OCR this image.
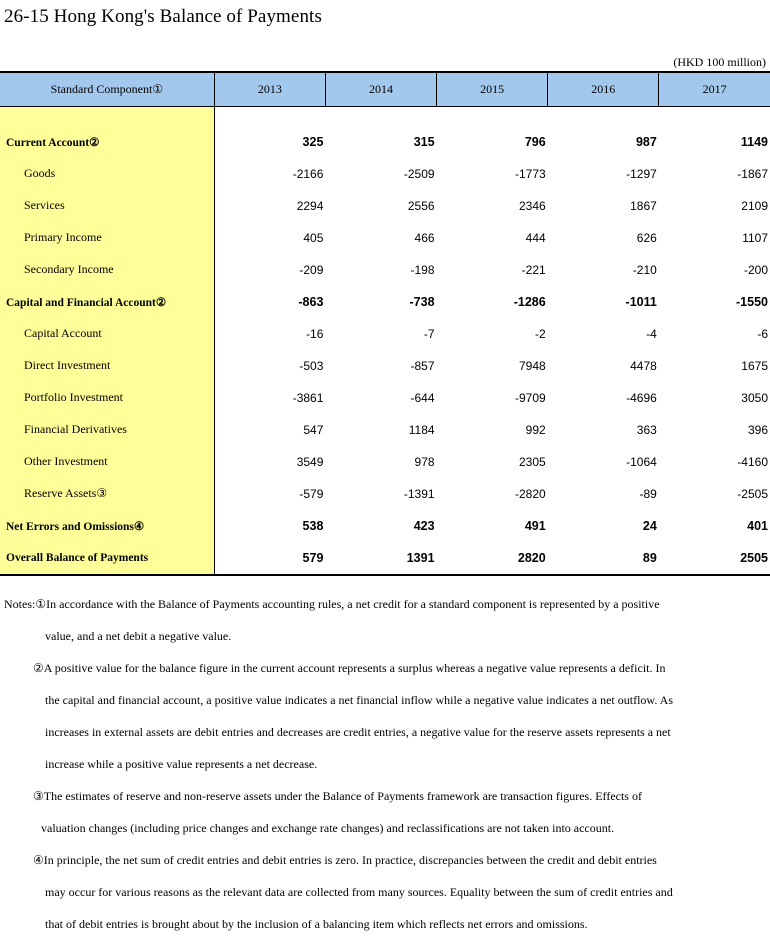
26-15 Hong Kong's Balance of Payments
(HKD 100 million)
Standard Component①	2013	2014	2015	2016	2017

Current Account②	325	315	796	987	1149
Goods	-2166	-2509	-1773	-1297	-1867
Services	2294	2556	2346	1867	2109
Primary Income	405	466	444	626	1107
Secondary Income	-209	-198	-221	-210	-200
Capital and Financial Account②	-863	-738	-1286	-1011	-1550
Capital Account	-16	-7	-2	-4	-6
Direct Investment	-503	-857	7948	4478	1675
Portfolio Investment	-3861	-644	-9709	-4696	3050
Financial Derivatives	547	1184	992	363	396
Other Investment	3549	978	2305	-1064	-4160
Reserve Assets③	-579	-1391	-2820	-89	-2505
Net Errors and Omissions④	538	423	491	24	401
Overall Balance of Payments	579	1391	2820	89	2505
Notes:①In accordance with the Balance of Payments accounting rules, a net credit for a standard component is represented by a positive
value, and a net debit a negative value.
②A positive value for the balance figure in the current account represents a surplus whereas a negative value represents a deficit. In
the capital and financial account, a positive value indicates a net financial inflow while a negative value indicates a net outflow. As
increases in external assets are debit entries and decreases are credit entries, a negative value for the reserve assets represents a net
increase while a positive value represents a net decrease.
③The estimates of reserve and non-reserve assets under the Balance of Payments framework are transaction figures. Effects of
valuation changes (including price changes and exchange rate changes) and reclassifications are not taken into account.
④In principle, the net sum of credit entries and debit entries is zero. In practice, discrepancies between the credit and debit entries
may occur for various reasons as the relevant data are collected from many sources. Equality between the sum of credit entries and
that of debit entries is brought about by the inclusion of a balancing item which reflects net errors and omissions.
